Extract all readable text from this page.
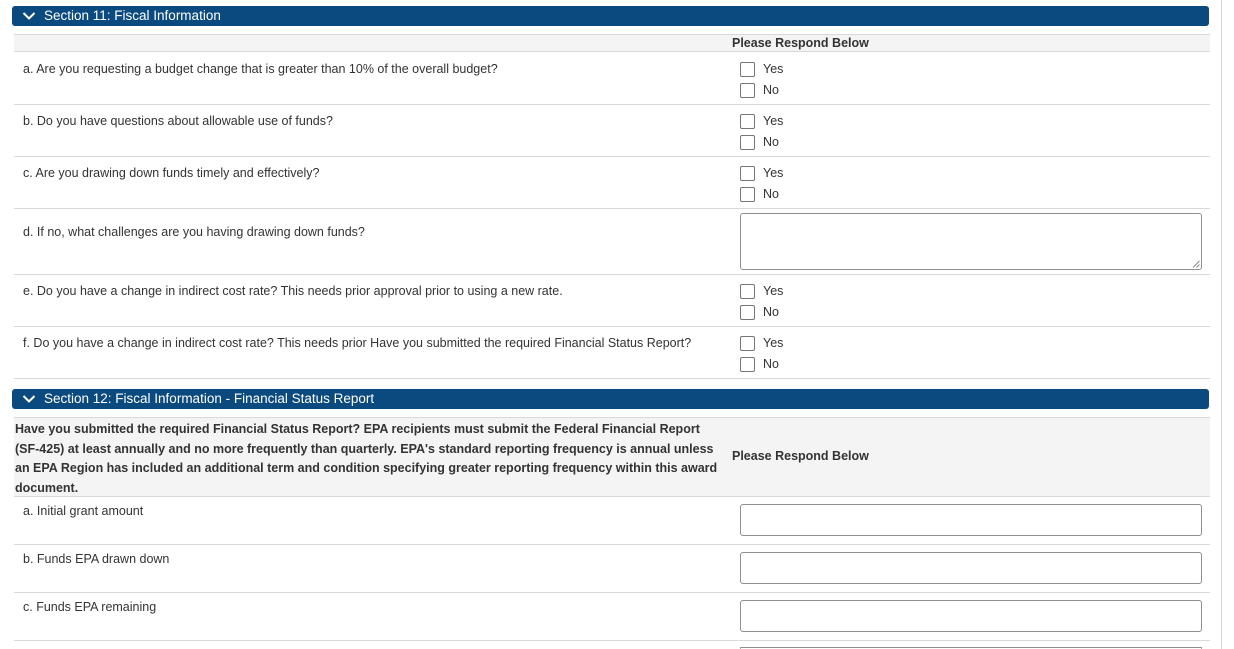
Section 11: Fiscal Information
Please Respond Below
a. Are you requesting a budget change that is greater than 10% of the overall budget?	Yes
No
b. Do you have questions about allowable use of funds?	Yes
No
c. Are you drawing down funds timely and effectively?	Yes
No
d. If no, what challenges are you having drawing down funds?
e. Do you have a change in indirect cost rate? This needs prior approval prior to using a new rate.	Yes
No
f. Do you have a change in indirect cost rate? This needs prior Have you submitted the required Financial Status Report?	Yes
No
Section 12: Fiscal Information - Financial Status Report
Have you submitted the required Financial Status Report? EPA recipients must submit the Federal Financial Report (SF-425) at least annually and no more frequently than quarterly. EPA's standard reporting frequency is annual unless an EPA Region has included an additional term and condition specifying greater reporting frequency within this award document.
Please Respond Below
a. Initial grant amount
b. Funds EPA drawn down
c. Funds EPA remaining
